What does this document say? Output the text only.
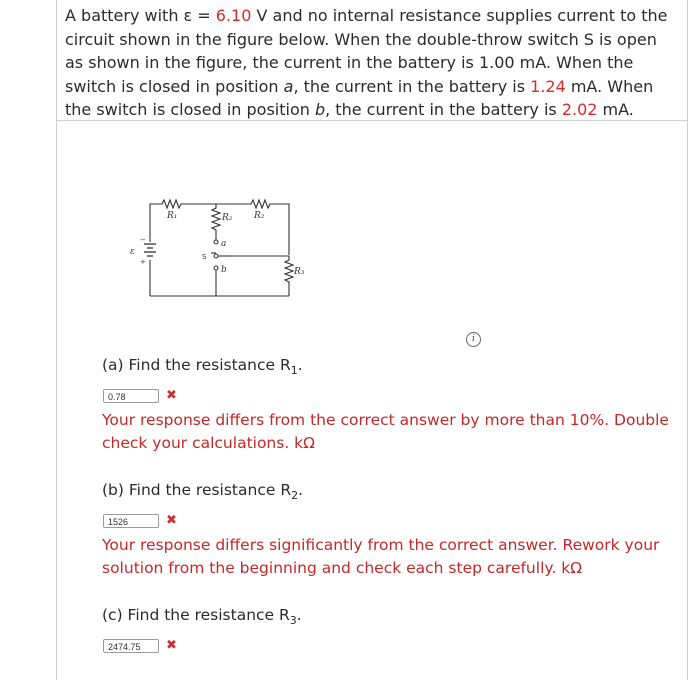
A battery with ε = 6.10 V and no internal resistance supplies current to the circuit shown in the figure below. When the double-throw switch S is open as shown in the figure, the current in the battery is 1.00 mA. When the switch is closed in position a, the current in the battery is 1.24 mA. When the switch is closed in position b, the current in the battery is 2.02 mA.
R₁	R₂ R₂
R₃
ε
a
b
S
+
−
i
(a) Find the resistance $R_1$.
0.78	✖
Your response differs from the correct answer by more than 10%. Double check your calculations. kΩ
(b) Find the resistance $R_2$.
1526	✖
Your response differs significantly from the correct answer. Rework your solution from the beginning and check each step carefully. kΩ
(c) Find the resistance $R_3$.
2474.75	✖
